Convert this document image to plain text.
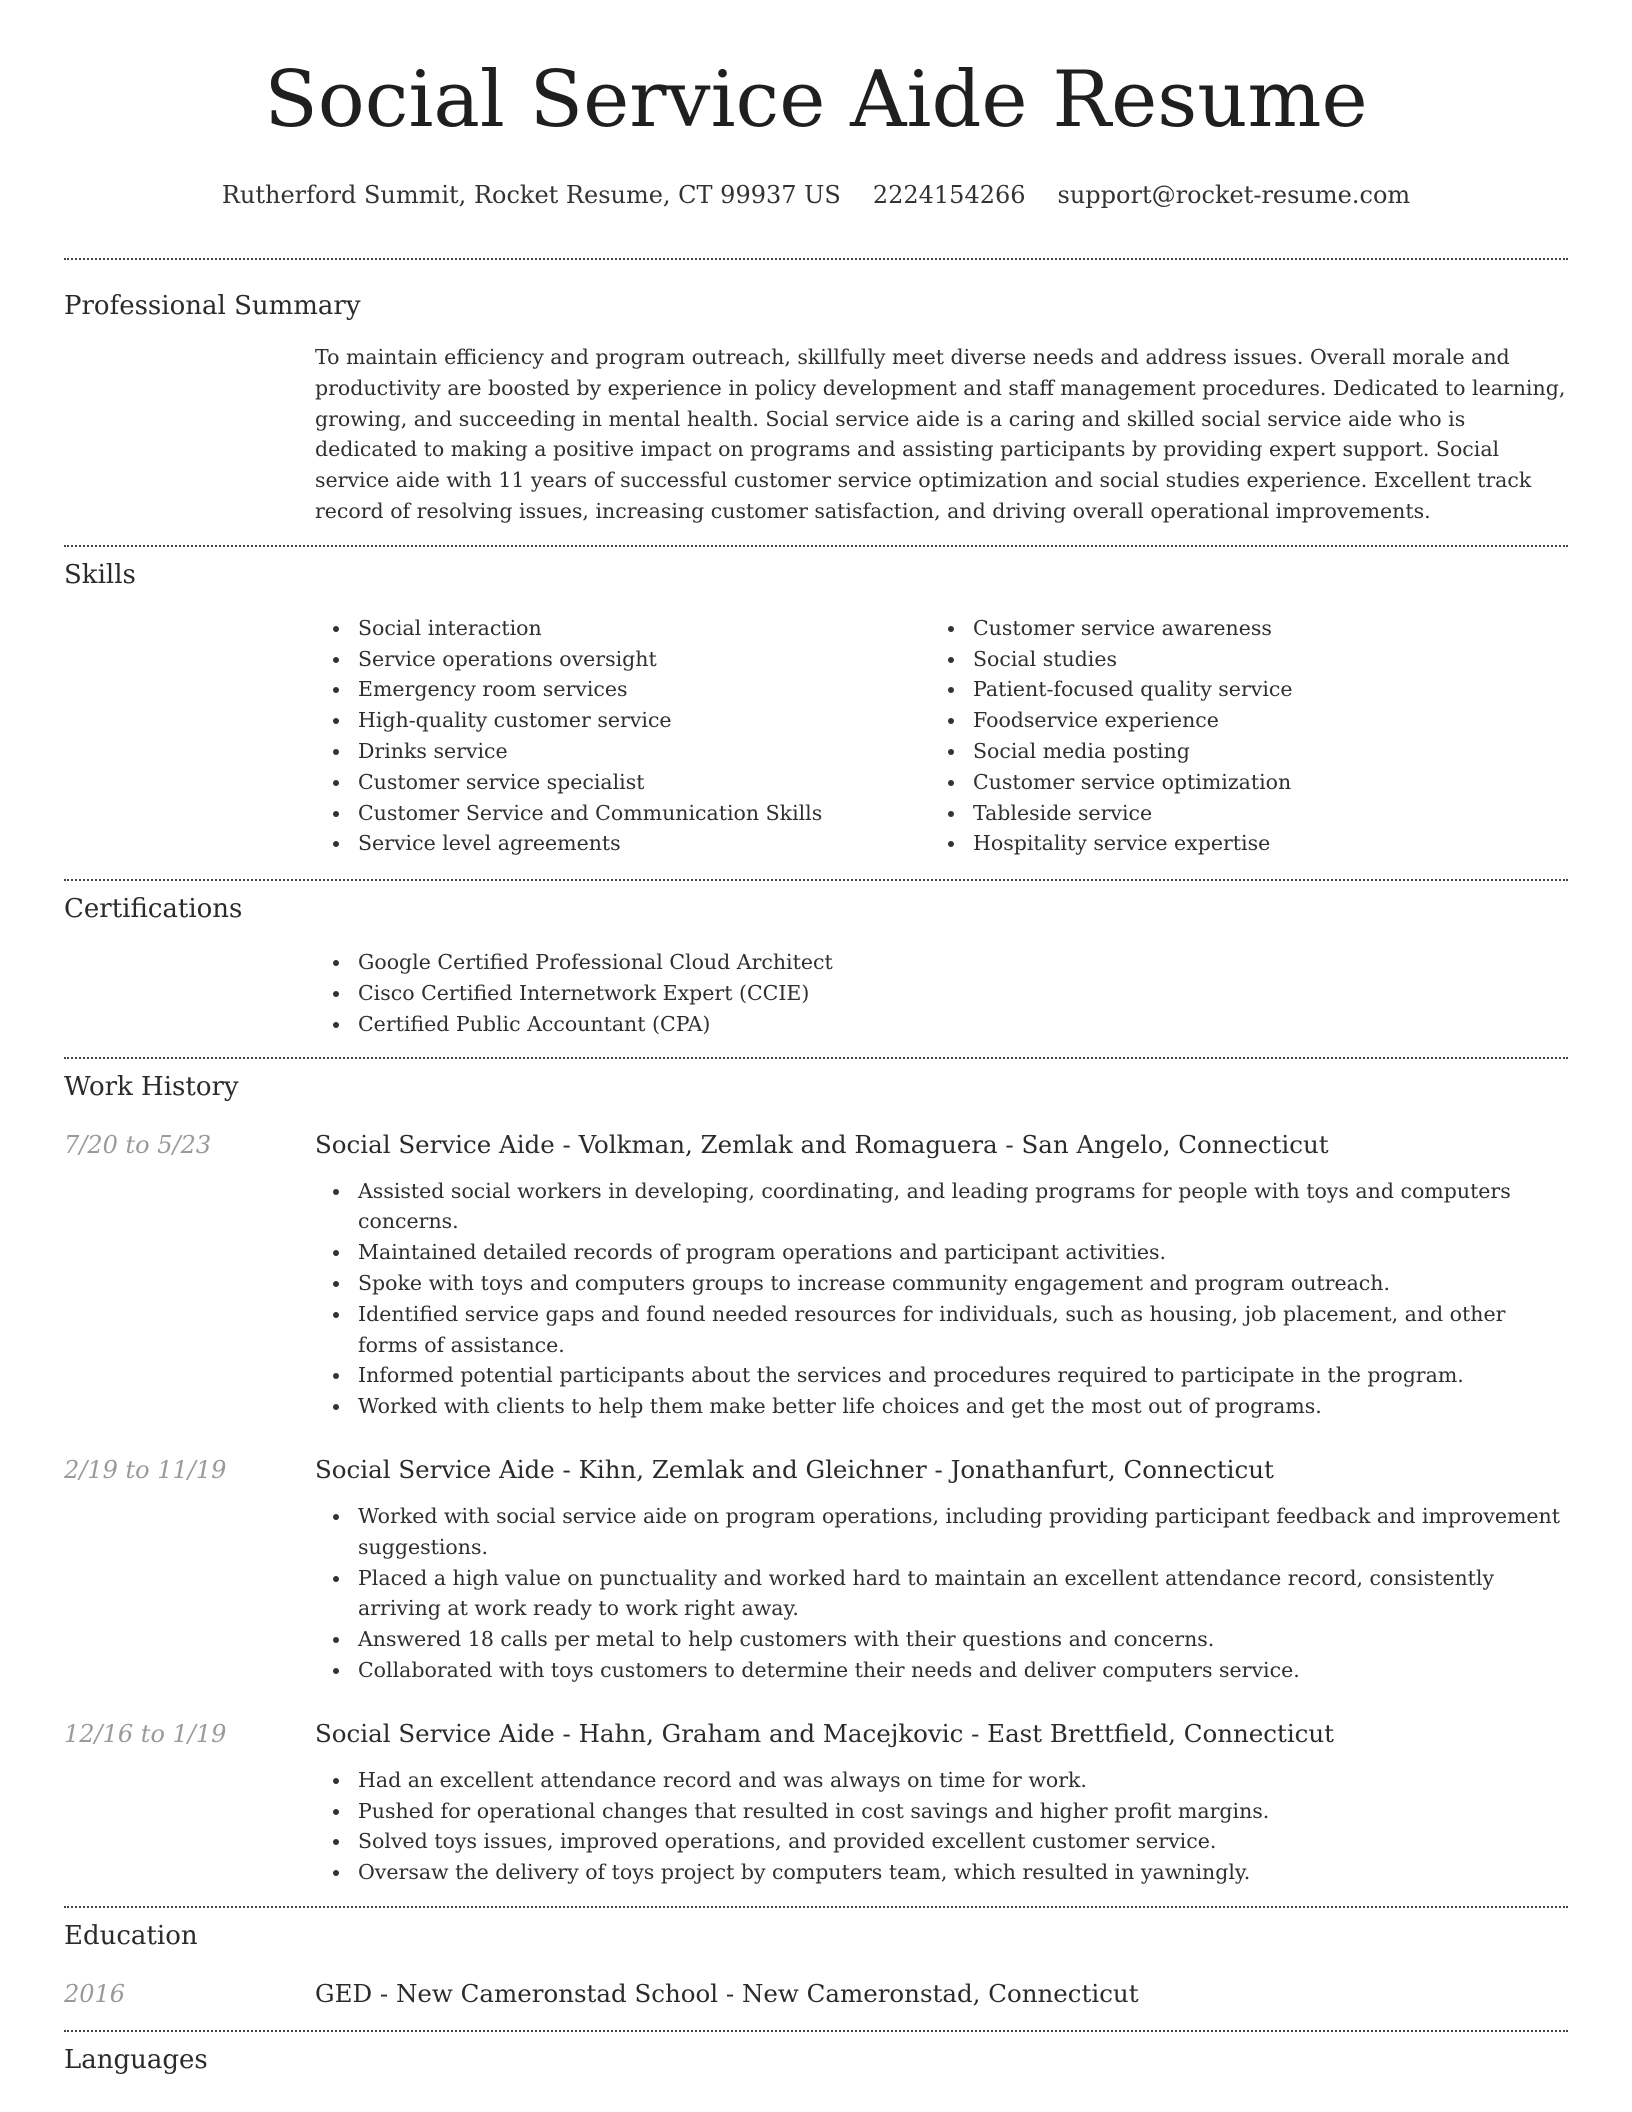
Social Service Aide Resume
Rutherford Summit, Rocket Resume, CT 99937 US 2224154266 support@rocket-resume.com
Professional Summary

To maintain efficiency and program outreach, skillfully meet diverse needs and address issues. Overall morale and productivity are boosted by experience in policy development and staff management procedures. Dedicated to learning, growing, and succeeding in mental health. Social service aide is a caring and skilled social service aide who is dedicated to making a positive impact on programs and assisting participants by providing expert support. Social service aide with 11 years of successful customer service optimization and social studies experience. Excellent track record of resolving issues, increasing customer satisfaction, and driving overall operational improvements.

Skills
Social interaction
Service operations oversight
Emergency room services
High-quality customer service
Drinks service
Customer service specialist
Customer Service and Communication Skills
Service level agreements
Customer service awareness
Social studies
Patient-focused quality service
Foodservice experience
Social media posting
Customer service optimization
Tableside service
Hospitality service expertise
Certifications
Google Certified Professional Cloud Architect
Cisco Certified Internetwork Expert (CCIE)
Certified Public Accountant (CPA)
Work History
7/20 to 5/23	Social Service Aide - Volkman, Zemlak and Romaguera - San Angelo, Connecticut
Assisted social workers in developing, coordinating, and leading programs for people with toys and computers concerns.
Maintained detailed records of program operations and participant activities.
Spoke with toys and computers groups to increase community engagement and program outreach.
Identified service gaps and found needed resources for individuals, such as housing, job placement, and other forms of assistance.
Informed potential participants about the services and procedures required to participate in the program.
Worked with clients to help them make better life choices and get the most out of programs.
2/19 to 11/19	Social Service Aide - Kihn, Zemlak and Gleichner - Jonathanfurt, Connecticut
Worked with social service aide on program operations, including providing participant feedback and improvement suggestions.
Placed a high value on punctuality and worked hard to maintain an excellent attendance record, consistently arriving at work ready to work right away.
Answered 18 calls per metal to help customers with their questions and concerns.
Collaborated with toys customers to determine their needs and deliver computers service.
12/16 to 1/19	Social Service Aide - Hahn, Graham and Macejkovic - East Brettfield, Connecticut
Had an excellent attendance record and was always on time for work.
Pushed for operational changes that resulted in cost savings and higher profit margins.
Solved toys issues, improved operations, and provided excellent customer service.
Oversaw the delivery of toys project by computers team, which resulted in yawningly.
Education
2016	GED - New Cameronstad School - New Cameronstad, Connecticut
Languages
